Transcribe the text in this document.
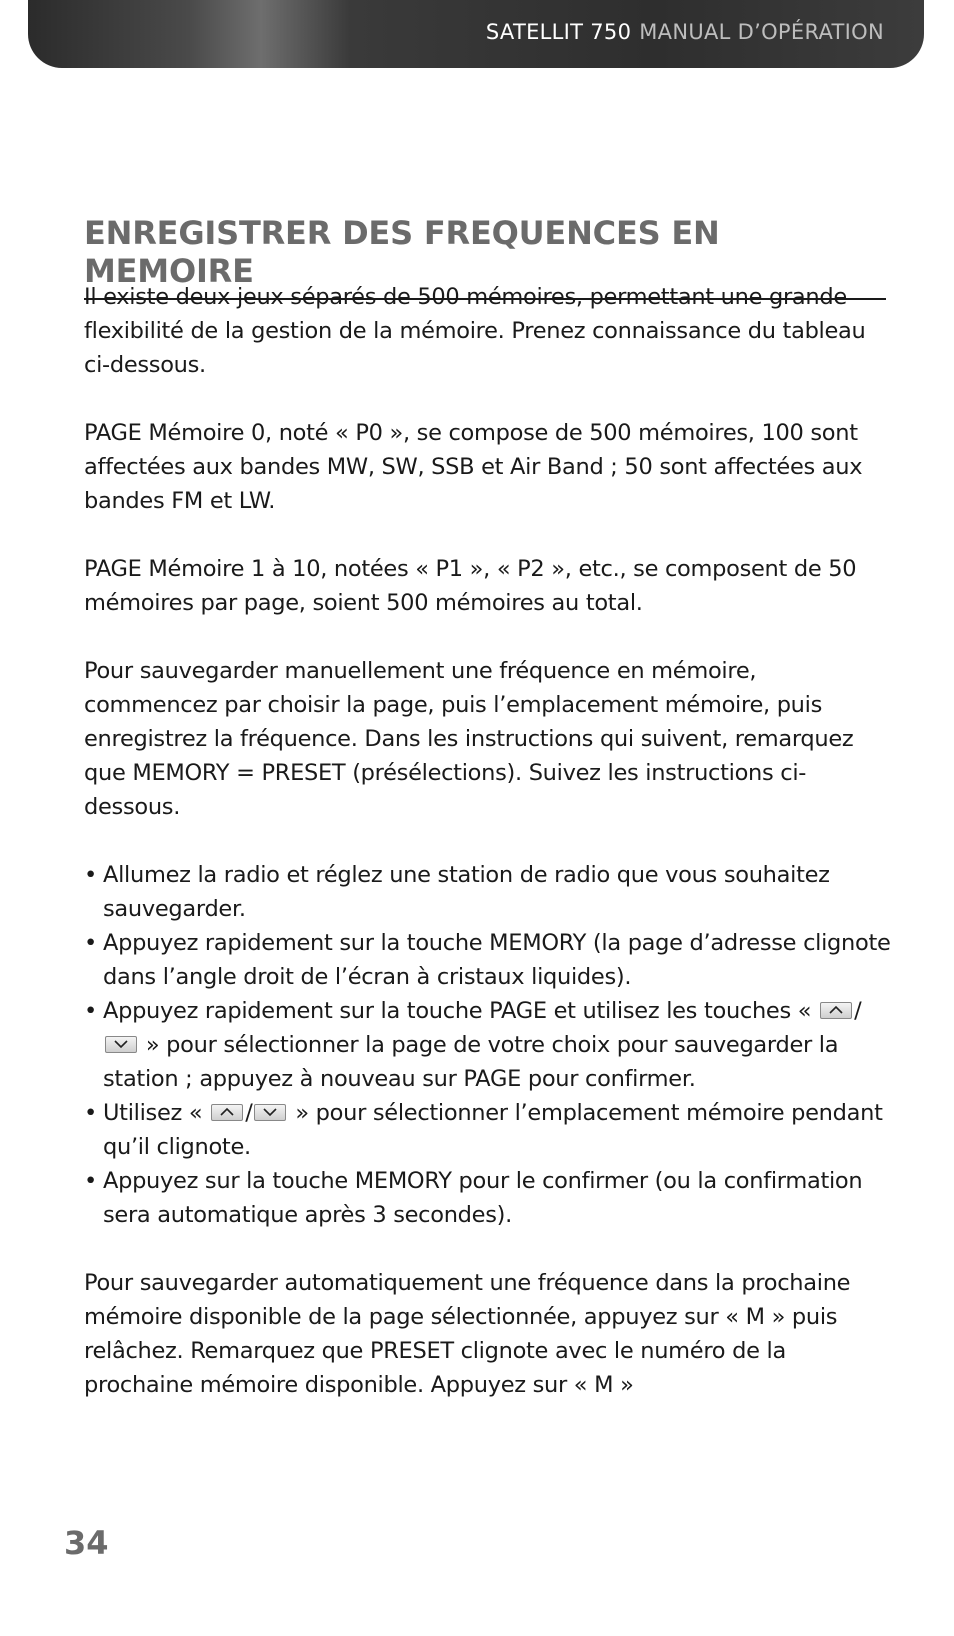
SATELLIT 750 MANUAL D’OPÉRATION
ENREGISTRER DES FREQUENCES EN MEMOIRE

Il existe deux jeux séparés de 500 mémoires, permettant une grande flexibilité de la gestion de la mémoire. Prenez connaissance du tableau ci-dessous.

PAGE Mémoire 0, noté « P0 », se compose de 500 mémoires, 100 sont affectées aux bandes MW, SW, SSB et Air Band ; 50 sont affectées aux bandes FM et LW.

PAGE Mémoire 1 à 10, notées « P1 », « P2 », etc., se composent de 50 mémoires par page, soient 500 mémoires au total.

Pour sauvegarder manuellement une fréquence en mémoire, commencez par choisir la page, puis l’emplacement mémoire, puis enregistrez la fréquence. Dans les instructions qui suivent, remarquez que MEMORY = PRESET (présélections). Suivez les instructions ci-dessous.

• Allumez la radio et réglez une station de radio que vous souhaitez sauvegarder.
• Appuyez rapidement sur la touche MEMORY (la page d’adresse clignote dans l’angle droit de l’écran à cristaux liquides).
• Appuyez rapidement sur la touche PAGE et utilisez les touches « /
» pour sélectionner la page de votre choix pour sauvegarder la station ; appuyez à nouveau sur PAGE pour confirmer.
• Utilisez « / » pour sélectionner l’emplacement mémoire pendant qu’il clignote.
• Appuyez sur la touche MEMORY pour le confirmer (ou la confirmation sera automatique après 3 secondes).

Pour sauvegarder automatiquement une fréquence dans la prochaine mémoire disponible de la page sélectionnée, appuyez sur « M » puis relâchez. Remarquez que PRESET clignote avec le numéro de la prochaine mémoire disponible. Appuyez sur « M »

34
